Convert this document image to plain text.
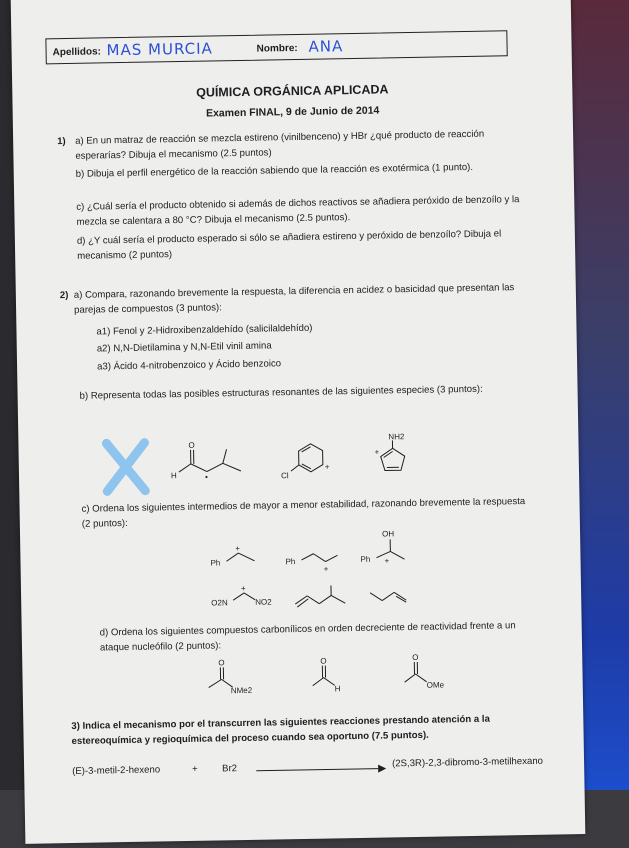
Apellidos: MAS MURCIA	Nombre: ANA
QUÍMICA ORGÁNICA APLICADA
Examen FINAL, 9 de Junio de 2014
1) a) En un matraz de reacción se mezcla estireno (vinilbenceno) y HBr ¿qué producto de reacción esperarías? Dibuja el mecanismo (2.5 puntos)
b) Dibuja el perfil energético de la reacción sabiendo que la reacción es exotérmica (1 punto).
c) ¿Cuál sería el producto obtenido si además de dichos reactivos se añadiera peróxido de benzoílo y la mezcla se calentara a 80 °C? Dibuja el mecanismo (2.5 puntos).
d) ¿Y cuál sería el producto esperado si sólo se añadiera estireno y peróxido de benzoílo? Dibuja el mecanismo (2 puntos)
2) a) Compara, razonando brevemente la respuesta, la diferencia en acidez o basicidad que presentan las parejas de compuestos (3 puntos):
a1) Fenol y 2-Hidroxibenzaldehído (salicilaldehído)
a2) N,N-Dietilamina y N,N-Etil vinil amina
a3) Ácido 4-nitrobenzoico y Ácido benzoico
b) Representa todas las posibles estructuras resonantes de las siguientes especies (3 puntos):
H
O
•	Cl
+
NH2
+
c) Ordena los siguientes intermedios de mayor a menor estabilidad, razonando brevemente la respuesta (2 puntos):
Ph
+
Ph
+
OH
Ph +
O2N
+
NO2
d) Ordena los siguientes compuestos carbonílicos en orden decreciente de reactividad frente a un ataque nucleófilo (2 puntos):
O
NMe2
O
H
O
OMe
3) Indica el mecanismo por el transcurren las siguientes reacciones prestando atención a la estereoquímica y regioquímica del proceso cuando sea oportuno (7.5 puntos).
(E)-3-metil-2-hexeno	+	Br2	(2S,3R)-2,3-dibromo-3-metilhexano
